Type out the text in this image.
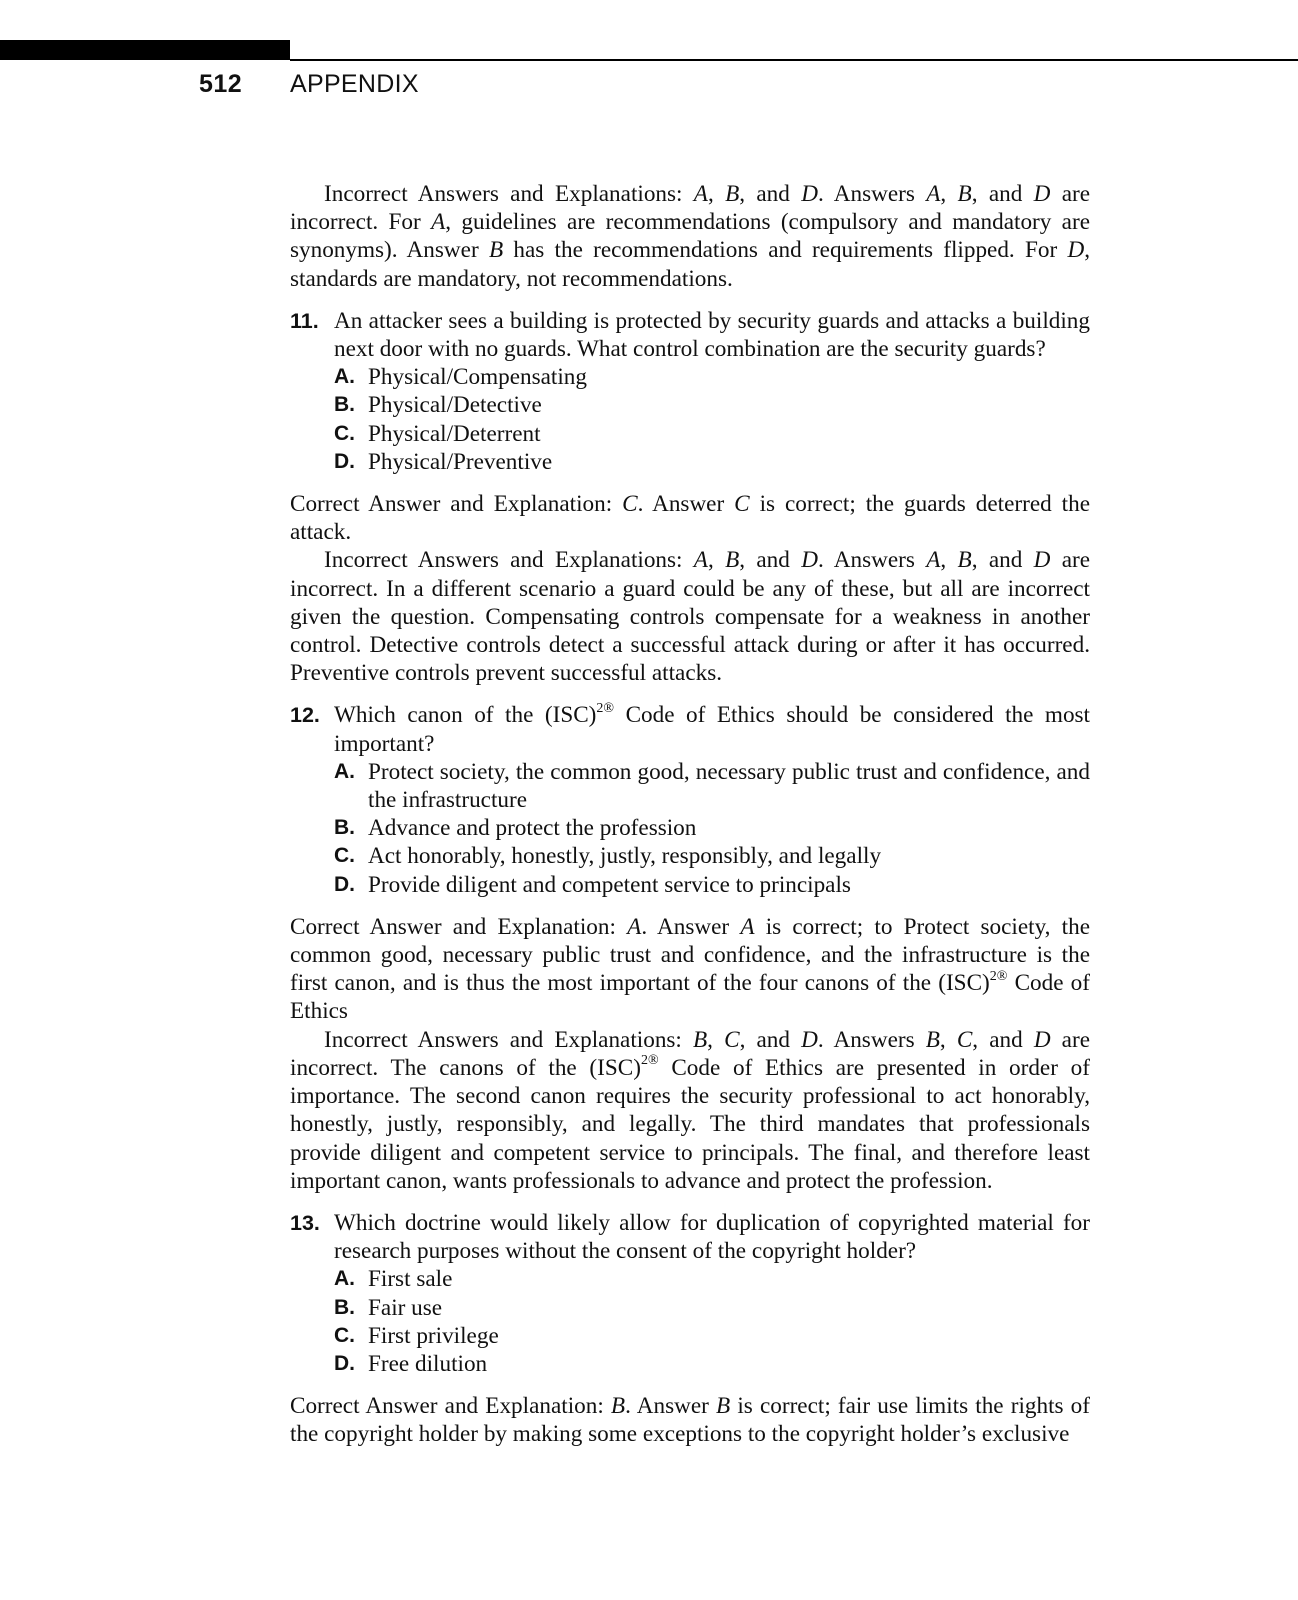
512 APPENDIX

Incorrect Answers and Explanations: A, B, and D. Answers A, B, and D are incorrect. For A, guidelines are recommendations (compulsory and mandatory are synonyms). Answer B has the recommendations and requirements flipped. For D, standards are mandatory, not recommendations.

11. An attacker sees a building is protected by security guards and attacks a building next door with no guards. What control combination are the security guards?
A. Physical/Compensating
B. Physical/Detective
C. Physical/Deterrent
D. Physical/Preventive

Correct Answer and Explanation: C. Answer C is correct; the guards deterred the attack.

Incorrect Answers and Explanations: A, B, and D. Answers A, B, and D are incorrect. In a different scenario a guard could be any of these, but all are incorrect given the question. Compensating controls compensate for a weakness in another control. Detective controls detect a successful attack during or after it has occurred. Preventive controls prevent successful attacks.

12. Which canon of the (ISC)$^{2®}$ Code of Ethics should be considered the most important?
A. Protect society, the common good, necessary public trust and confidence, and the infrastructure
B. Advance and protect the profession
C. Act honorably, honestly, justly, responsibly, and legally
D. Provide diligent and competent service to principals

Correct Answer and Explanation: A. Answer A is correct; to Protect society, the common good, necessary public trust and confidence, and the infrastructure is the first canon, and is thus the most important of the four canons of the (ISC)$^{2®}$ Code of Ethics

Incorrect Answers and Explanations: B, C, and D. Answers B, C, and D are incorrect. The canons of the (ISC)$^{2®}$ Code of Ethics are presented in order of importance. The second canon requires the security professional to act honorably, honestly, justly, responsibly, and legally. The third mandates that professionals provide diligent and competent service to principals. The final, and therefore least important canon, wants professionals to advance and protect the profession.

13. Which doctrine would likely allow for duplication of copyrighted material for research purposes without the consent of the copyright holder?
A. First sale
B. Fair use
C. First privilege
D. Free dilution

Correct Answer and Explanation: B. Answer B is correct; fair use limits the rights of the copyright holder by making some exceptions to the copyright holder’s exclusive
